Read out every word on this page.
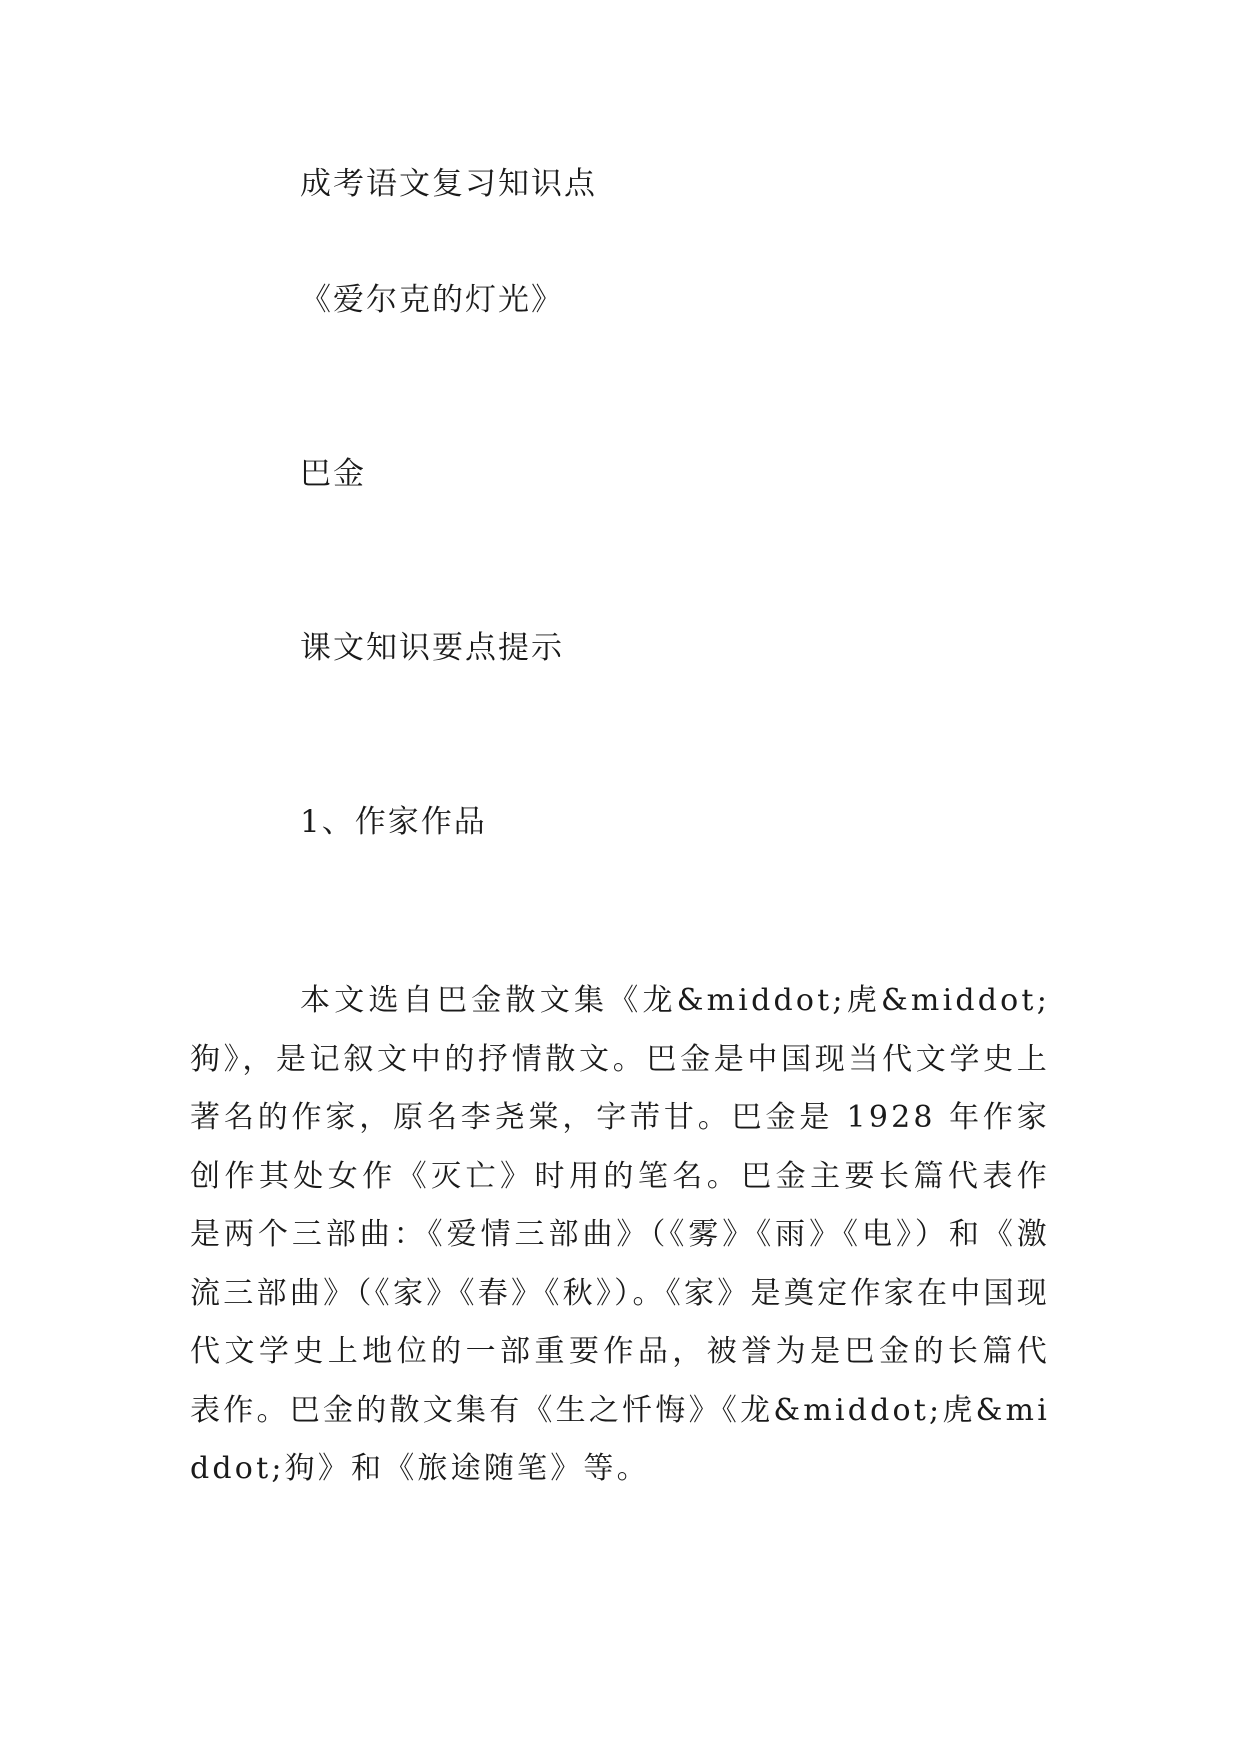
成考语文复习知识点
《爱尔克的灯光》
巴金
课文知识要点提示
1、作家作品

本文选自巴金散文集《龙&middot;虎&middot;狗》，是记叙文中的抒情散文。巴金是中国现当代文学史上著名的作家，原名李尧棠，字芾甘。巴金是 1928 年作家创作其处女作《灭亡》时用的笔名。巴金主要长篇代表作是两个三部曲：《爱情三部曲》（《雾》《雨》《电》）和《激流三部曲》（《家》《春》《秋》）。《家》是奠定作家在中国现代文学史上地位的一部重要作品，被誉为是巴金的长篇代表作。巴金的散文集有《生之忏悔》《龙&middot;虎&middot;狗》和《旅途随笔》等。
